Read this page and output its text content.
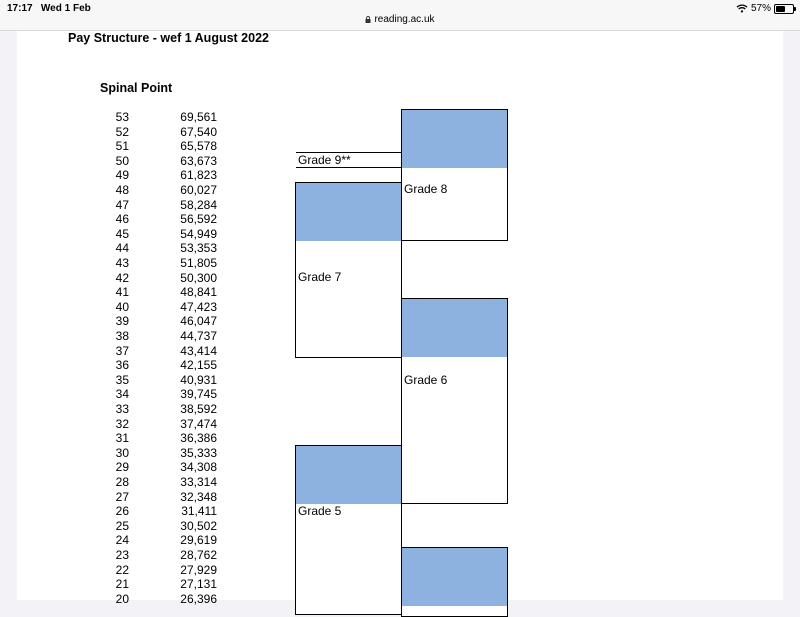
17:17 Wed 1 Feb
reading.ac.uk
57%
Pay Structure - wef 1 August 2022
Spinal Point
53	69,561
52	67,540
51	65,578
50	63,673
49	61,823
48	60,027
47	58,284
46	56,592
45	54,949
44	53,353
43	51,805
42	50,300
41	48,841
40	47,423
39	46,047
38	44,737
37	43,414
36	42,155
35	40,931
34	39,745
33	38,592
32	37,474
31	36,386
30	35,333
29	34,308
28	33,314
27	32,348
26	31,411
25	30,502
24	29,619
23	28,762
22	27,929
21	27,131
20	26,396
Grade 9**
Grade 8
Grade 7
Grade 6
Grade 5
